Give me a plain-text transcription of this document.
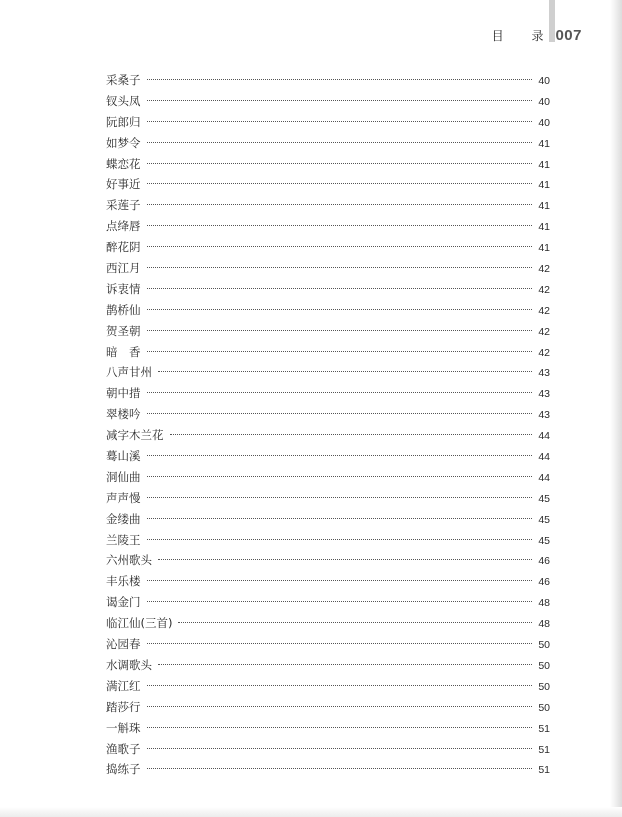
目 录 007
采桑子	40
钗头凤	40
阮郎归	40
如梦令	41
蝶恋花	41
好事近	41
采莲子	41
点绛唇	41
醉花阴	41
西江月	42
诉衷情	42
鹊桥仙	42
贺圣朝	42
暗　香	42
八声甘州	43
朝中措	43
翠楼吟	43
减字木兰花	44
蓦山溪	44
洞仙曲	44
声声慢	45
金缕曲	45
兰陵王	45
六州歌头	46
丰乐楼	46
谒金门	48
临江仙(三首)	48
沁园春	50
水调歌头	50
满江红	50
踏莎行	50
一斛珠	51
渔歌子	51
捣练子	51
